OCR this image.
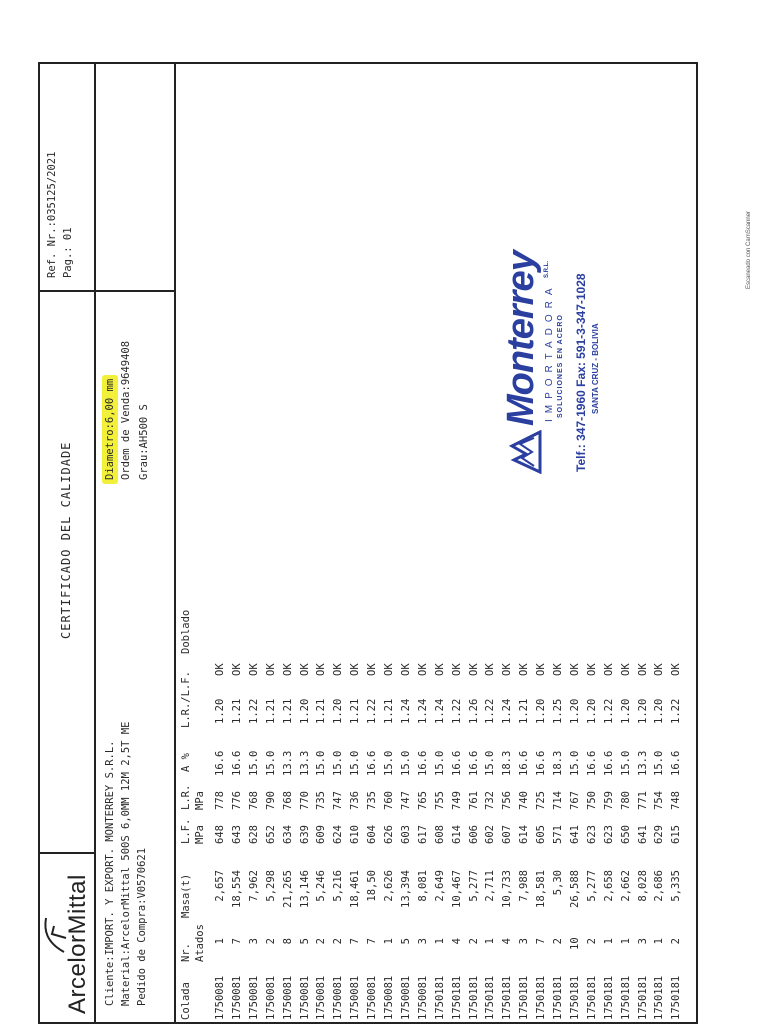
ArcelorMittal
CERTIFICADO DEL CALIDADE
Ref. Nr.:035125/2021 Pag.: 01
Cliente:IMPORT. Y EXPORT. MONTERREY S.R.L. Material:ArcelorMittal 500S 6,0MM 12M 2,5T ME Pedido de Compra:V0570621
Diametro:6,00 mm Ordem de Venda:9649408 Grau:AH500 S
Colada
Nr. Atados
Masa(t)
L.F. MPa
L.R. MPa
A %
L.R./L.F.
Doblado
1750081
1
2,657
648
778
16.6
1.20
OK
1750081
7
18,554
643
776
16.6
1.21
OK
1750081
3
7,962
628
768
15.0
1.22
OK
1750081
2
5,298
652
790
15.0
1.21
OK
1750081
8
21,265
634
768
13.3
1.21
OK
1750081
5
13,146
639
770
13.3
1.20
OK
1750081
2
5,246
609
735
15.0
1.21
OK
1750081
2
5,216
624
747
15.0
1.20
OK
1750081
7
18,461
610
736
15.0
1.21
OK
1750081
7
18,50
604
735
16.6
1.22
OK
1750081
1
2,626
626
760
15.0
1.21
OK
1750081
5
13,394
603
747
15.0
1.24
OK
1750081
3
8,081
617
765
16.6
1.24
OK
1750181
1
2,649
608
755
15.0
1.24
OK
1750181
4
10,467
614
749
16.6
1.22
OK
1750181
2
5,277
606
761
16.6
1.26
OK
1750181
1
2,711
602
732
15.0
1.22
OK
1750181
4
10,733
607
756
18.3
1.24
OK
1750181
3
7,988
614
740
16.6
1.21
OK
1750181
7
18,581
605
725
16.6
1.20
OK
1750181
2
5,30
571
714
18.3
1.25
OK
1750181
10
26,588
641
767
15.0
1.20
OK
1750181
2
5,277
623
750
16.6
1.20
OK
1750181
1
2,658
623
759
16.6
1.22
OK
1750181
1
2,662
650
780
15.0
1.20
OK
1750181
3
8,028
641
771
13.3
1.20
OK
1750181
1
2,686
629
754
15.0
1.20
OK
1750181
2
5,335
615
748
16.6
1.22
OK
Monterrey IMPORTADORA
S.R.L.
SOLUCIONES EN ACERO Telf.: 347-1960 Fax: 591-3-347-1028 SANTA CRUZ - BOLIVIA
Escaneado con CamScanner
